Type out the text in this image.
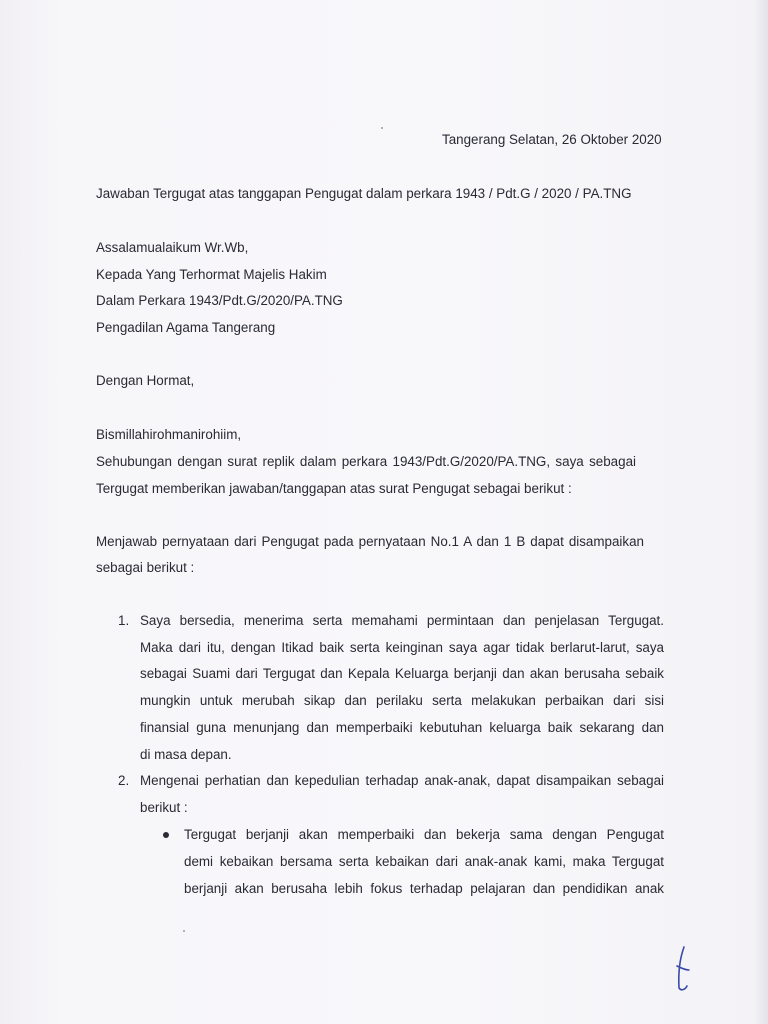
Tangerang Selatan, 26 Oktober 2020
Jawaban Tergugat atas tanggapan Pengugat dalam perkara 1943 / Pdt.G / 2020 / PA.TNG
Assalamualaikum Wr.Wb,
Kepada Yang Terhormat Majelis Hakim
Dalam Perkara 1943/Pdt.G/2020/PA.TNG
Pengadilan Agama Tangerang
Dengan Hormat,
Bismillahirohmanirohiim,
Sehubungan dengan surat replik dalam perkara 1943/Pdt.G/2020/PA.TNG, saya sebagai
Tergugat memberikan jawaban/tanggapan atas surat Pengugat sebagai berikut :
Menjawab pernyataan dari Pengugat pada pernyataan No.1 A dan 1 B dapat disampaikan
sebagai berikut :
1. Saya bersedia, menerima serta memahami permintaan dan penjelasan Tergugat.
Maka dari itu, dengan Itikad baik serta keinginan saya agar tidak berlarut-larut, saya
sebagai Suami dari Tergugat dan Kepala Keluarga berjanji dan akan berusaha sebaik
mungkin untuk merubah sikap dan perilaku serta melakukan perbaikan dari sisi
finansial guna menunjang dan memperbaiki kebutuhan keluarga baik sekarang dan
di masa depan.
2. Mengenai perhatian dan kepedulian terhadap anak-anak, dapat disampaikan sebagai
berikut :
Tergugat berjanji akan memperbaiki dan bekerja sama dengan Pengugat
demi kebaikan bersama serta kebaikan dari anak-anak kami, maka Tergugat
berjanji akan berusaha lebih fokus terhadap pelajaran dan pendidikan anak
